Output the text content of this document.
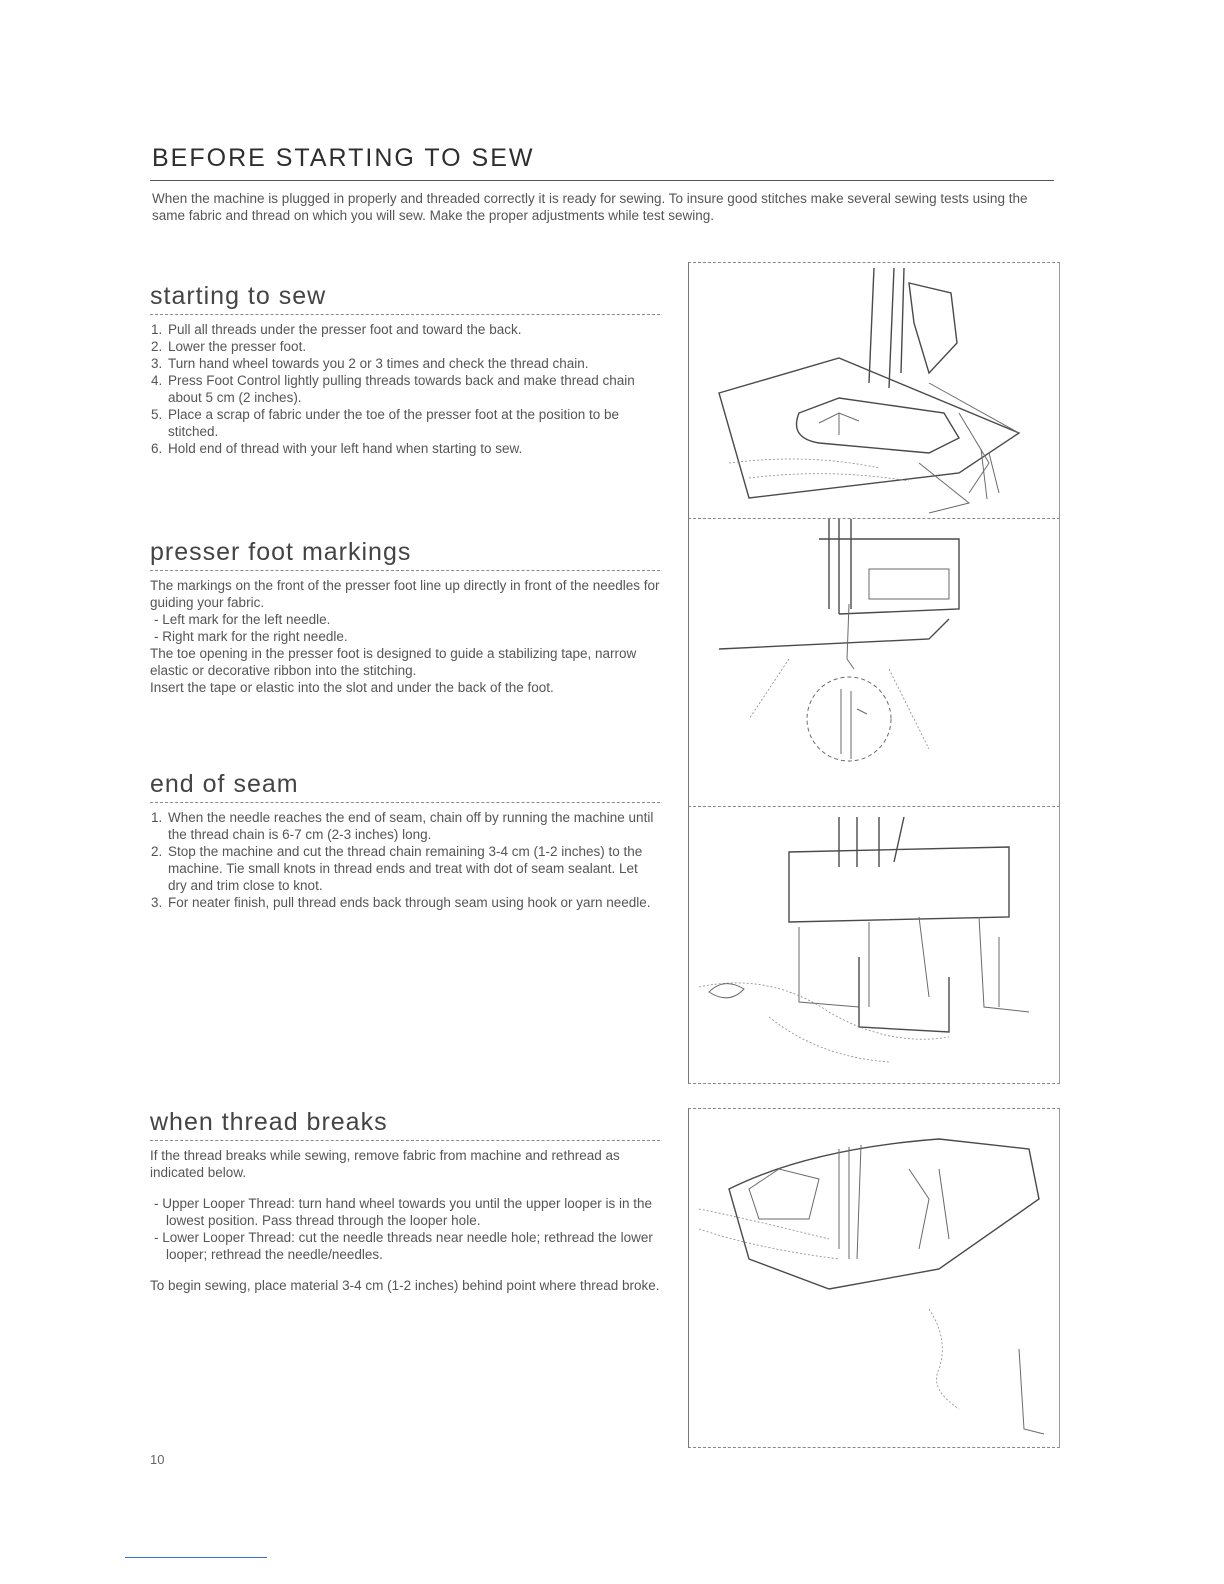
BEFORE STARTING TO SEW

When the machine is plugged in properly and threaded correctly it is ready for sewing. To insure good stitches make several sewing tests using the same fabric and thread on which you will sew. Make the proper adjustments while test sewing.

starting to sew
1. Pull all threads under the presser foot and toward the back.
2. Lower the presser foot.
3. Turn hand wheel towards you 2 or 3 times and check the thread chain.
4. Press Foot Control lightly pulling threads towards back and make thread chain about 5 cm (2 inches).
5. Place a scrap of fabric under the toe of the presser foot at the position to be stitched.
6. Hold end of thread with your left hand when starting to sew.
presser foot markings

The markings on the front of the presser foot line up directly in front of the needles for guiding your fabric.

- Left mark for the left needle.
- Right mark for the right needle.

The toe opening in the presser foot is designed to guide a stabilizing tape, narrow elastic or decorative ribbon into the stitching.

Insert the tape or elastic into the slot and under the back of the foot.

end of seam
1. When the needle reaches the end of seam, chain off by running the machine until the thread chain is 6-7 cm (2-3 inches) long.
2. Stop the machine and cut the thread chain remaining 3-4 cm (1-2 inches) to the machine. Tie small knots in thread ends and treat with dot of seam sealant. Let dry and trim close to knot.
3. For neater finish, pull thread ends back through seam using hook or yarn needle.
when thread breaks

If the thread breaks while sewing, remove fabric from machine and rethread as indicated below.

- Upper Looper Thread: turn hand wheel towards you until the upper looper is in the lowest position. Pass thread through the looper hole.
- Lower Looper Thread: cut the needle threads near needle hole; rethread the lower looper; rethread the needle/needles.

To begin sewing, place material 3-4 cm (1-2 inches) behind point where thread broke.

10
